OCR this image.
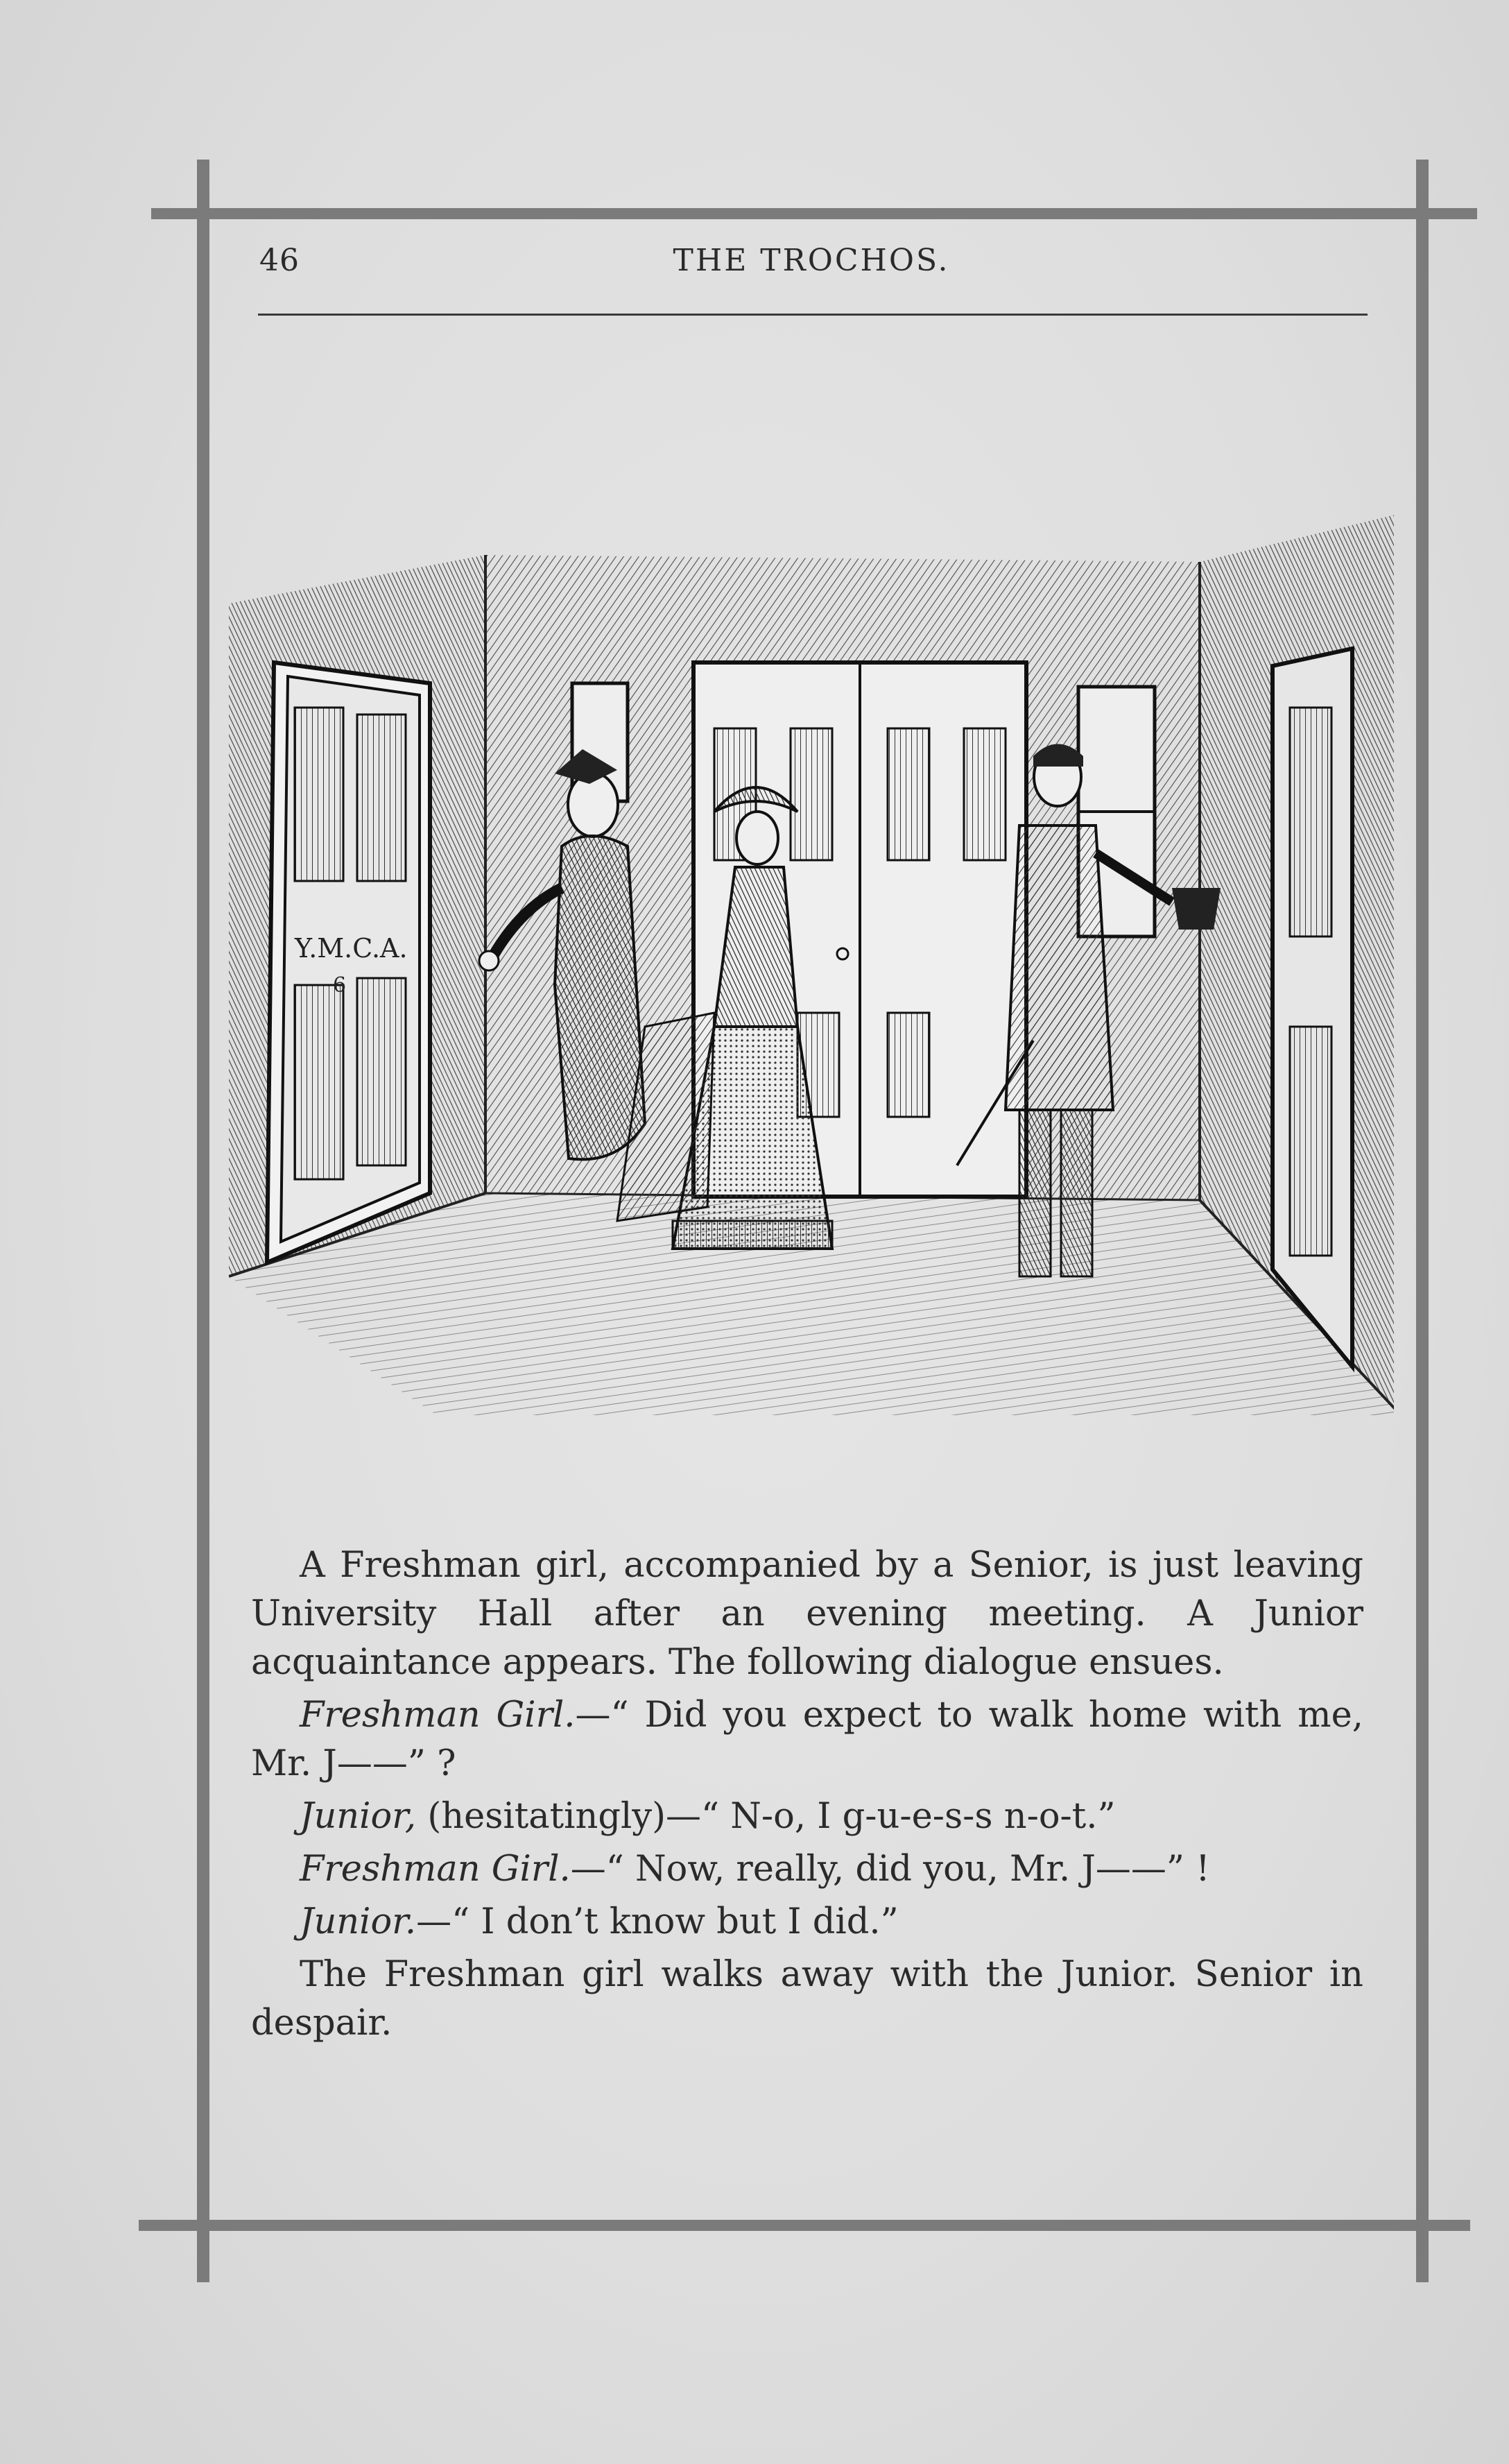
46	THE TROCHOS.
Y.M.C.A.
6

A Freshman girl, accompanied by a Senior, is just leaving University Hall after an evening meeting. A Junior acquaintance appears. The following dialogue ensues.

Freshman Girl.—“ Did you expect to walk home with me, Mr. J——” ?

Junior, (hesitatingly)—“ N-o, I g-u-e-s-s n-o-t.”

Freshman Girl.—“ Now, really, did you, Mr. J——” !

Junior.—“ I don’t know but I did.”

The Freshman girl walks away with the Junior. Senior in despair.
